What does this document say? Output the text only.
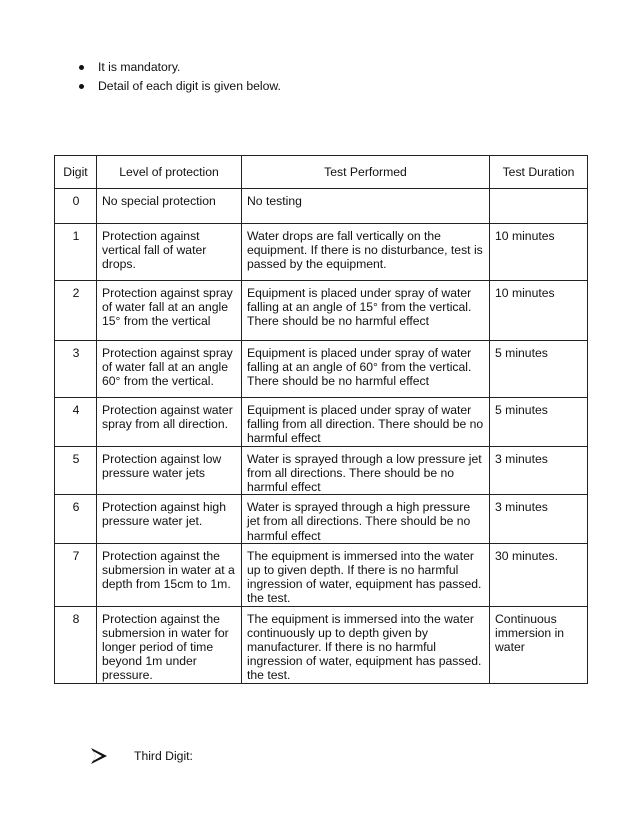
It is mandatory.
Detail of each digit is given below.
Digit	Level of protection	Test Performed	Test Duration
0	No special protection	No testing	
1	Protection against vertical fall of water drops.	Water drops are fall vertically on the equipment. If there is no disturbance, test is passed by the equipment.	10 minutes
2	Protection against spray of water fall at an angle 15° from the vertical	Equipment is placed under spray of water falling at an angle of 15° from the vertical. There should be no harmful effect	10 minutes
3	Protection against spray of water fall at an angle 60° from the vertical.	Equipment is placed under spray of water falling at an angle of 60° from the vertical. There should be no harmful effect	5 minutes
4	Protection against water spray from all direction.	Equipment is placed under spray of water falling from all direction. There should be no harmful effect	5 minutes
5	Protection against low pressure water jets	Water is sprayed through a low pressure jet from all directions. There should be no harmful effect	3 minutes
6	Protection against high pressure water jet.	Water is sprayed through a high pressure jet from all directions. There should be no harmful effect	3 minutes
7	Protection against the submersion in water at a depth from 15cm to 1m.	The equipment is immersed into the water up to given depth. If there is no harmful ingression of water, equipment has passed. the test.	30 minutes.
8	Protection against the submersion in water for longer period of time beyond 1m under pressure.	The equipment is immersed into the water continuously up to depth given by manufacturer. If there is no harmful ingression of water, equipment has passed. the test.	Continuous immersion in water
Third Digit:
